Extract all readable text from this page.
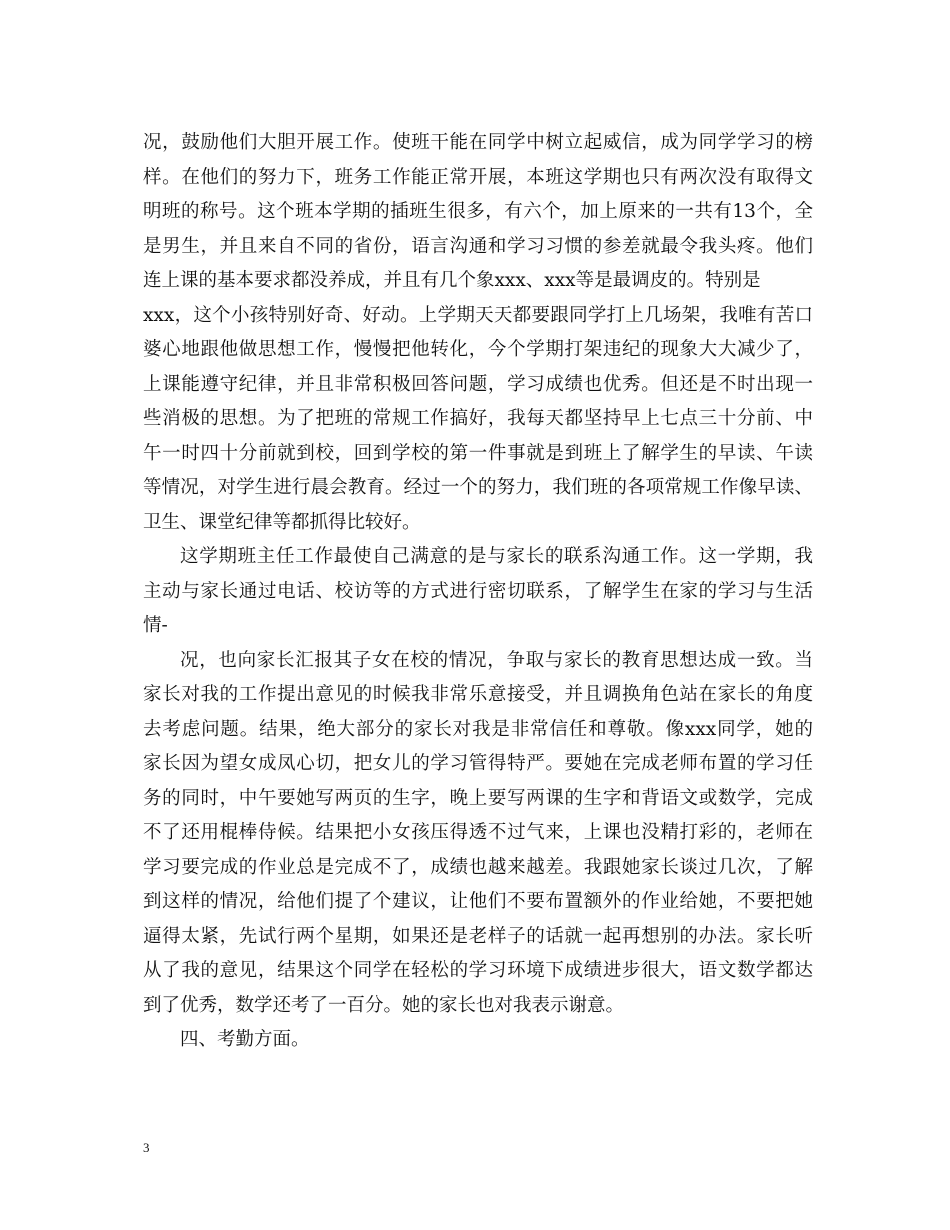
况，鼓励他们大胆开展工作。使班干能在同学中树立起威信，成为同学学习的榜
样。在他们的努力下，班务工作能正常开展，本班这学期也只有两次没有取得文
明班的称号。这个班本学期的插班生很多，有六个，加上原来的一共有13个，全
是男生，并且来自不同的省份，语言沟通和学习习惯的参差就最令我头疼。他们
连上课的基本要求都没养成，并且有几个象xxx、xxx等是最调皮的。特别是
xxx，这个小孩特别好奇、好动。上学期天天都要跟同学打上几场架，我唯有苦口
婆心地跟他做思想工作，慢慢把他转化，今个学期打架违纪的现象大大减少了，
上课能遵守纪律，并且非常积极回答问题，学习成绩也优秀。但还是不时出现一
些消极的思想。为了把班的常规工作搞好，我每天都坚持早上七点三十分前、中
午一时四十分前就到校，回到学校的第一件事就是到班上了解学生的早读、午读
等情况，对学生进行晨会教育。经过一个的努力，我们班的各项常规工作像早读、
卫生、课堂纪律等都抓得比较好。
这学期班主任工作最使自己满意的是与家长的联系沟通工作。这一学期，我
主动与家长通过电话、校访等的方式进行密切联系，了解学生在家的学习与生活
情-
况，也向家长汇报其子女在校的情况，争取与家长的教育思想达成一致。当
家长对我的工作提出意见的时候我非常乐意接受，并且调换角色站在家长的角度
去考虑问题。结果，绝大部分的家长对我是非常信任和尊敬。像xxx同学，她的
家长因为望女成凤心切，把女儿的学习管得特严。要她在完成老师布置的学习任
务的同时，中午要她写两页的生字，晚上要写两课的生字和背语文或数学，完成
不了还用棍棒侍候。结果把小女孩压得透不过气来，上课也没精打彩的，老师在
学习要完成的作业总是完成不了，成绩也越来越差。我跟她家长谈过几次，了解
到这样的情况，给他们提了个建议，让他们不要布置额外的作业给她，不要把她
逼得太紧，先试行两个星期，如果还是老样子的话就一起再想别的办法。家长听
从了我的意见，结果这个同学在轻松的学习环境下成绩进步很大，语文数学都达
到了优秀，数学还考了一百分。她的家长也对我表示谢意。
四、考勤方面。
3
